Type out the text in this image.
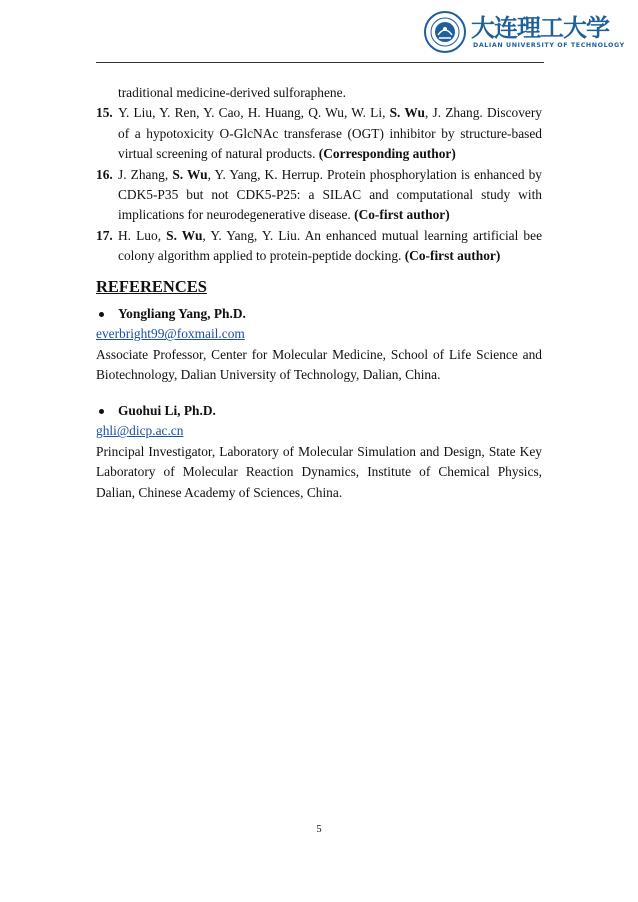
大连理工大学
DALIAN UNIVERSITY OF TECHNOLOGY
traditional medicine-derived sulforaphene.
15. Y. Liu, Y. Ren, Y. Cao, H. Huang, Q. Wu, W. Li, S. Wu, J. Zhang. Discovery of a hypotoxicity O‑GlcNAc transferase (OGT) inhibitor by structure-based virtual screening of natural products. (Corresponding author)
16. J. Zhang, S. Wu, Y. Yang, K. Herrup. Protein phosphorylation is enhanced by CDK5-P35 but not CDK5-P25: a SILAC and computational study with implications for neurodegenerative disease. (Co-first author)
17. H. Luo, S. Wu, Y. Yang, Y. Liu. An enhanced mutual learning artificial bee colony algorithm applied to protein-peptide docking. (Co-first author)
REFERENCES
Yongliang Yang, Ph.D.
everbright99@foxmail.com
Associate Professor, Center for Molecular Medicine, School of Life Science and Biotechnology, Dalian University of Technology, Dalian, China.
Guohui Li, Ph.D.
ghli@dicp.ac.cn
Principal Investigator, Laboratory of Molecular Simulation and Design, State Key Laboratory of Molecular Reaction Dynamics, Institute of Chemical Physics, Dalian, Chinese Academy of Sciences, China.
5
